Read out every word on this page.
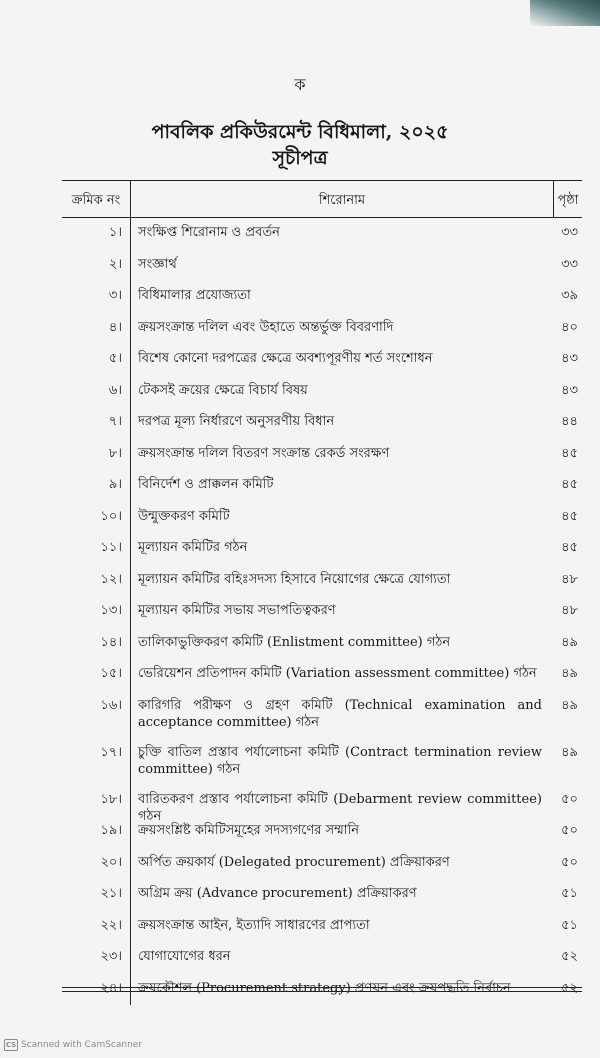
ক
পাবলিক প্রকিউরমেন্ট বিধিমালা, ২০২৫
সূচীপত্র
ক্রমিক নং	শিরোনাম	পৃষ্ঠা
১। সংক্ষিপ্ত শিরোনাম ও প্রবর্তন	৩৩
২। সংজ্ঞার্থ	৩৩
৩। বিধিমালার প্রযোজ্যতা	৩৯
৪। ক্রয়সংক্রান্ত দলিল এবং উহাতে অন্তর্ভুক্ত বিবরণাদি	৪০
৫। বিশেষ কোনো দরপত্রের ক্ষেত্রে অবশ্যপূরণীয় শর্ত সংশোধন	৪৩
৬। টেকসই ক্রয়ের ক্ষেত্রে বিচার্য বিষয়	৪৩
৭। দরপত্র মূল্য নির্ধারণে অনুসরণীয় বিধান	৪৪
৮। ক্রয়সংক্রান্ত দলিল বিতরণ সংক্রান্ত রেকর্ড সংরক্ষণ	৪৫
৯। বিনির্দেশ ও প্রাক্কলন কমিটি	৪৫
১০। উন্মুক্তকরণ কমিটি	৪৫
১১। মূল্যায়ন কমিটির গঠন	৪৫
১২। মূল্যায়ন কমিটির বহিঃসদস্য হিসাবে নিয়োগের ক্ষেত্রে যোগ্যতা	৪৮
১৩। মূল্যায়ন কমিটির সভায় সভাপতিত্বকরণ	৪৮
১৪। তালিকাভুক্তিকরণ কমিটি (Enlistment committee) গঠন	৪৯
১৫। ভেরিয়েশন প্রতিপাদন কমিটি (Variation assessment committee) গঠন	৪৯
১৬। কারিগরি পরীক্ষণ ও গ্রহণ কমিটি (Technical examination and acceptance committee) গঠন
৪৯
১৭। চুক্তি বাতিল প্রস্তাব পর্যালোচনা কমিটি (Contract termination review committee) গঠন
৪৯
১৮। বারিতকরণ প্রস্তাব পর্যালোচনা কমিটি (Debarment review committee) গঠন
৫০
১৯। ক্রয়সংশ্লিষ্ট কমিটিসমূহের সদস্যগণের সম্মানি	৫০
২০। অর্পিত ক্রয়কার্য (Delegated procurement) প্রক্রিয়াকরণ	৫০
২১। অগ্রিম ক্রয় (Advance procurement) প্রক্রিয়াকরণ	৫১
২২। ক্রয়সংক্রান্ত আইন, ইত্যাদি সাধারণের প্রাপ্যতা	৫১
২৩। যোগাযোগের ধরন	৫২
২৪। ক্রয়কৌশল (Procurement strategy) প্রণয়ন এবং ক্রয়পদ্ধতি নির্বাচন	৫২
CS Scanned with CamScanner
